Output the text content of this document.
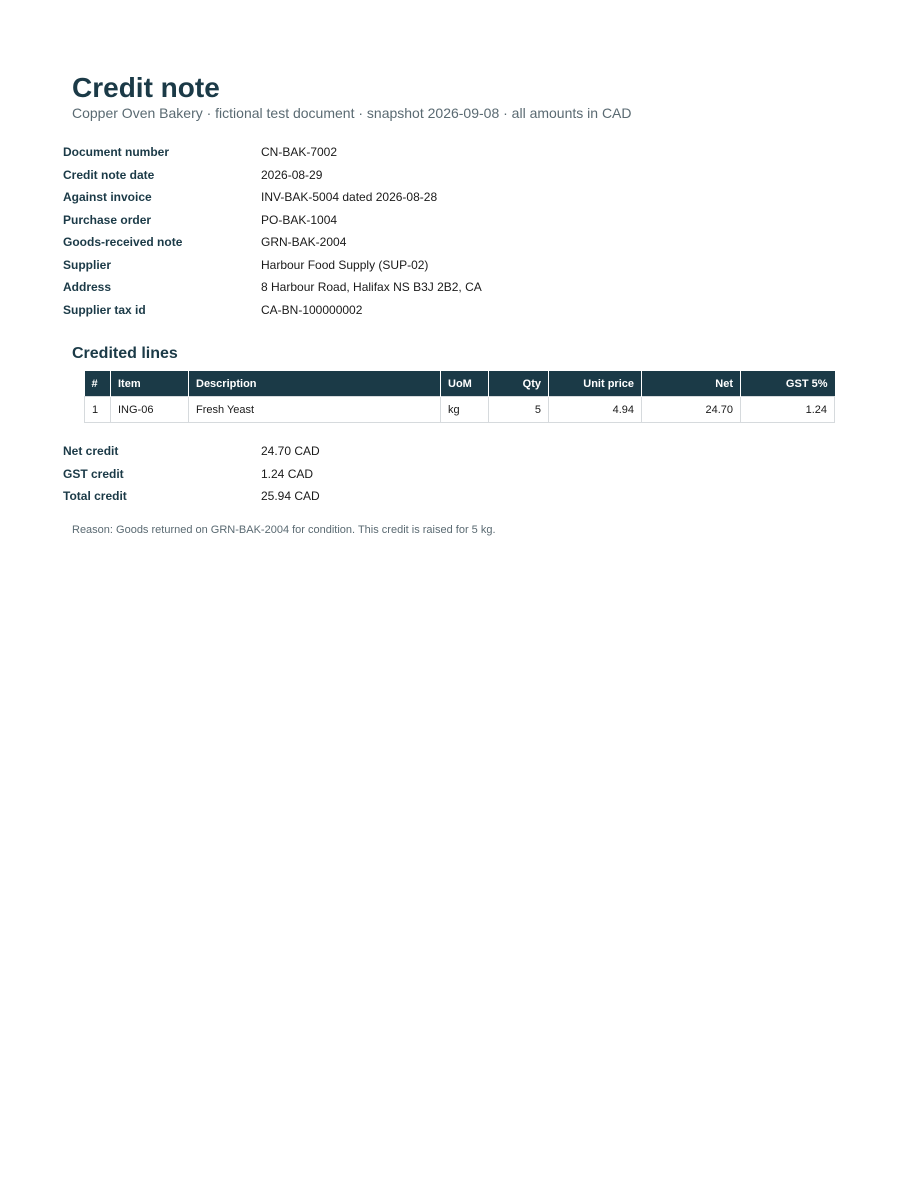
Credit note

Copper Oven Bakery · fictional test document · snapshot 2026-09-08 · all amounts in CAD

Document number	CN-BAK-7002
Credit note date	2026-08-29
Against invoice	INV-BAK-5004 dated 2026-08-28
Purchase order	PO-BAK-1004
Goods-received note	GRN-BAK-2004
Supplier	Harbour Food Supply (SUP-02)
Address	8 Harbour Road, Halifax NS B3J 2B2, CA
Supplier tax id	CA-BN-100000002
Credited lines
#	Item	Description	UoM	Qty	Unit price	Net	GST 5%
1	ING-06	Fresh Yeast	kg	5	4.94	24.70	1.24
Net credit	24.70 CAD
GST credit	1.24 CAD
Total credit	25.94 CAD

Reason: Goods returned on GRN-BAK-2004 for condition. This credit is raised for 5 kg.
